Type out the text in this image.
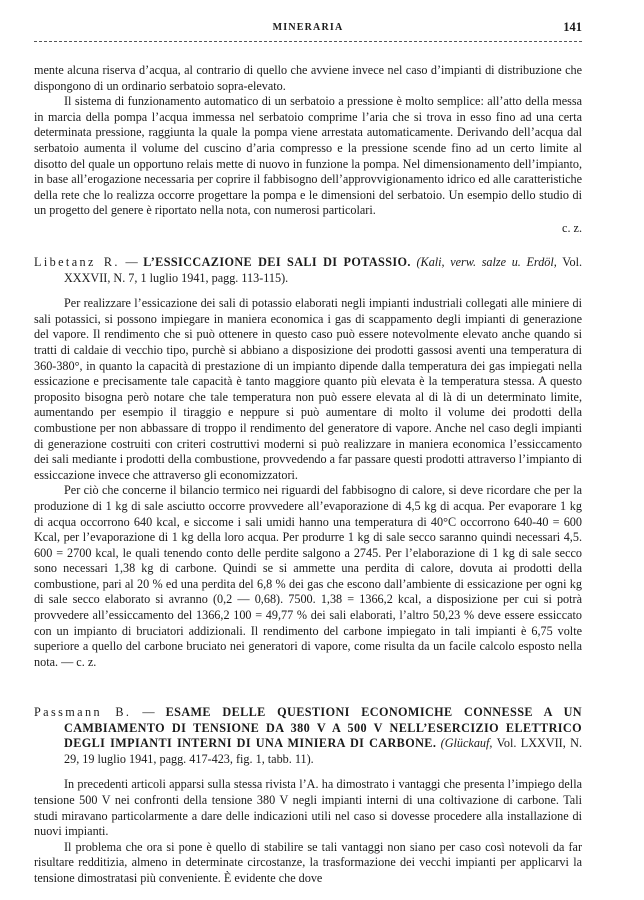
MINERARIA	141

mente alcuna riserva d’acqua, al contrario di quello che avviene invece nel caso d’impianti di distribuzione che dispongono di un ordinario serbatoio sopra-elevato.

Il sistema di funzionamento automatico di un serbatoio a pressione è molto semplice: all’atto della messa in marcia della pompa l’acqua immessa nel serbatoio comprime l’aria che si trova in esso fino ad una certa determinata pressione, raggiunta la quale la pompa viene arrestata automaticamente. Derivando dell’acqua dal serbatoio aumenta il volume del cuscino d’aria compresso e la pressione scende fino ad un certo limite al disotto del quale un opportuno relais mette di nuovo in funzione la pompa. Nel dimensionamento dell’impianto, in base all’erogazione necessaria per coprire il fabbisogno dell’approvvigionamento idrico ed alle caratteristiche della rete che lo realizza occorre progettare la pompa e le dimensioni del serbatoio. Un esempio dello studio di un progetto del genere è riportato nella nota, con numerosi particolari.

c. z.

Libetanz R. — L’ESSICCAZIONE DEI SALI DI POTASSIO. (Kali, verw. salze u. Erdöl, Vol. XXXVII, N. 7, 1 luglio 1941, pagg. 113-115).

Per realizzare l’essicazione dei sali di potassio elaborati negli impianti industriali collegati alle miniere di sali potassici, si possono impiegare in maniera economica i gas di scappamento degli impianti di generazione del vapore. Il rendimento che si può ottenere in questo caso può essere notevolmente elevato anche quando si tratti di caldaie di vecchio tipo, purchè si abbiano a disposizione dei prodotti gassosi aventi una temperatura di 360-380°, in quanto la capacità di prestazione di un impianto dipende dalla temperatura dei gas impiegati nella essicazione e precisamente tale capacità è tanto maggiore quanto più elevata è la temperatura stessa. A questo proposito bisogna però notare che tale temperatura non può essere elevata al di là di un determinato limite, aumentando per esempio il tiraggio e neppure si può aumentare di molto il volume dei prodotti della combustione per non abbassare di troppo il rendimento del generatore di vapore. Anche nel caso degli impianti di generazione costruiti con criteri costruttivi moderni si può realizzare in maniera economica l’essiccamento dei sali mediante i prodotti della combustione, provvedendo a far passare questi prodotti attraverso l’impianto di essiccazione invece che attraverso gli economizzatori.

Per ciò che concerne il bilancio termico nei riguardi del fabbisogno di calore, si deve ricordare che per la produzione di 1 kg di sale asciutto occorre provvedere all’evaporazione di 4,5 kg di acqua. Per evaporare 1 kg di acqua occorrono 640 kcal, e siccome i sali umidi hanno una temperatura di 40°C occorrono 640-40 = 600 Kcal, per l’evaporazione di 1 kg della loro acqua. Per produrre 1 kg di sale secco saranno quindi necessari 4,5. 600 = 2700 kcal, le quali tenendo conto delle perdite salgono a 2745. Per l’elaborazione di 1 kg di sale secco sono necessari 1,38 kg di carbone. Quindi se si ammette una perdita di calore, dovuta ai prodotti della combustione, pari al 20 % ed una perdita del 6,8 % dei gas che escono dall’ambiente di essicazione per ogni kg di sale secco elaborato si avranno (0,2 — 0,68). 7500. 1,38 = 1366,2 kcal, a disposizione per cui si potrà provvedere all’essiccamento del 1366,2 100 = 49,77 % dei sali elaborati, l’altro 50,23 % deve essere essiccato con un impianto di bruciatori addizionali. Il rendimento del carbone impiegato in tali impianti è 6,75 volte superiore a quello del carbone bruciato nei generatori di vapore, come risulta da un facile calcolo esposto nella nota. — c. z.

Passmann B. — ESAME DELLE QUESTIONI ECONOMICHE CONNESSE A UN CAMBIAMENTO DI TENSIONE DA 380 V A 500 V NELL’ESERCIZIO ELETTRICO DEGLI IMPIANTI INTERNI DI UNA MINIERA DI CARBONE. (Glückauf, Vol. LXXVII, N. 29, 19 luglio 1941, pagg. 417-423, fig. 1, tabb. 11).

In precedenti articoli apparsi sulla stessa rivista l’A. ha dimostrato i vantaggi che presenta l’impiego della tensione 500 V nei confronti della tensione 380 V negli impianti interni di una coltivazione di carbone. Tali studi miravano particolarmente a dare delle indicazioni utili nel caso si dovesse procedere alla installazione di nuovi impianti.

Il problema che ora si pone è quello di stabilire se tali vantaggi non siano per caso così notevoli da far risultare redditizia, almeno in determinate circostanze, la trasformazione dei vecchi impianti per applicarvi la tensione dimostratasi più conveniente. È evidente che dove
